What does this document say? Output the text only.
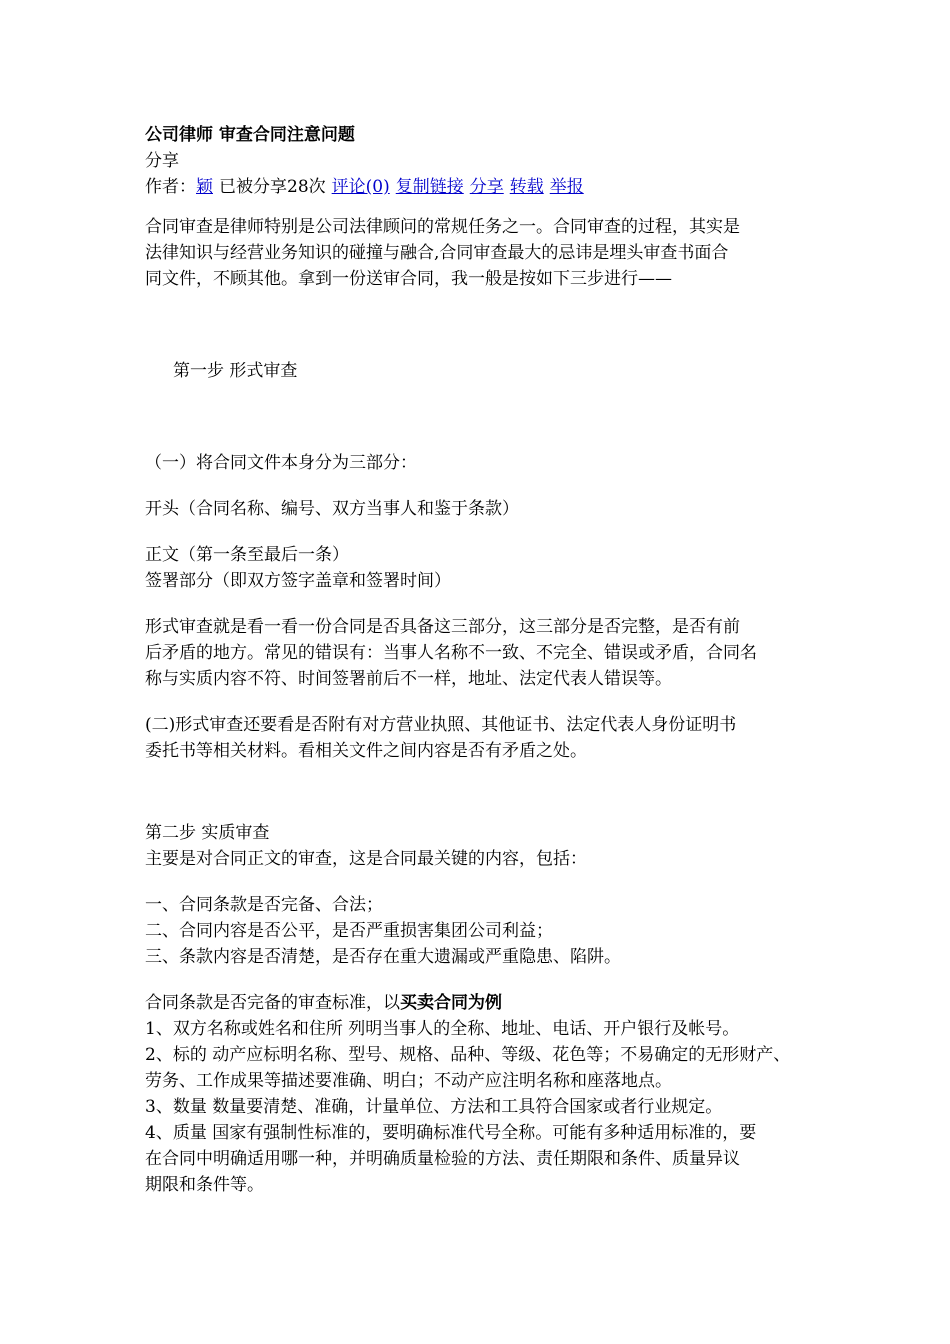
公司律师 审查合同注意问题
分享
作者：颖 已被分享28次 评论(0) 复制链接 分享 转载 举报
合同审查是律师特别是公司法律顾问的常规任务之一。合同审查的过程，其实是
法律知识与经营业务知识的碰撞与融合,合同审查最大的忌讳是埋头审查书面合
同文件，不顾其他。拿到一份送审合同，我一般是按如下三步进行——
第一步 形式审查
（一）将合同文件本身分为三部分：
开头（合同名称、编号、双方当事人和鉴于条款）
正文（第一条至最后一条）
签署部分（即双方签字盖章和签署时间）
形式审查就是看一看一份合同是否具备这三部分，这三部分是否完整，是否有前
后矛盾的地方。常见的错误有：当事人名称不一致、不完全、错误或矛盾，合同名
称与实质内容不符、时间签署前后不一样，地址、法定代表人错误等。
(二)形式审查还要看是否附有对方营业执照、其他证书、法定代表人身份证明书
委托书等相关材料。看相关文件之间内容是否有矛盾之处。
第二步 实质审查
主要是对合同正文的审查，这是合同最关键的内容，包括：
一、合同条款是否完备、合法；
二、合同内容是否公平，是否严重损害集团公司利益；
三、条款内容是否清楚，是否存在重大遗漏或严重隐患、陷阱。
合同条款是否完备的审查标准，以买卖合同为例
1、双方名称或姓名和住所 列明当事人的全称、地址、电话、开户银行及帐号。
2、标的 动产应标明名称、型号、规格、品种、等级、花色等；不易确定的无形财产、
劳务、工作成果等描述要准确、明白；不动产应注明名称和座落地点。
3、数量 数量要清楚、准确，计量单位、方法和工具符合国家或者行业规定。
4、质量 国家有强制性标准的，要明确标准代号全称。可能有多种适用标准的，要
在合同中明确适用哪一种，并明确质量检验的方法、责任期限和条件、质量异议
期限和条件等。
